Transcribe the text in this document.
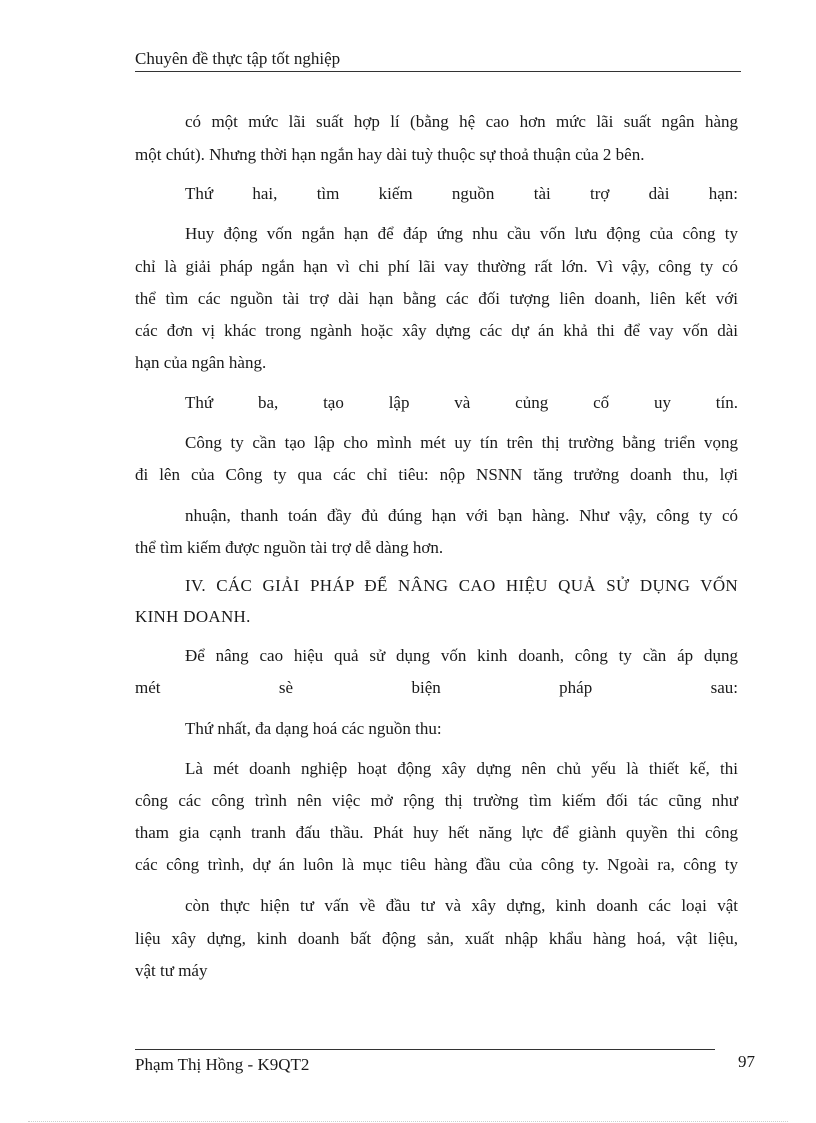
Chuyên đề thực tập tốt nghiệp
có một mức lãi suất hợp lí (bằng hệ cao hơn mức lãi suất ngân hàng
một chút). Nhưng thời hạn ngắn hay dài tuỳ thuộc sự thoả thuận của 2 bên.
Thứ hai, tìm kiếm nguồn tài trợ dài hạn:
Huy động vốn ngắn hạn để đáp ứng nhu cầu vốn lưu động của công ty
chỉ là giải pháp ngắn hạn vì chi phí lãi vay thường rất lớn. Vì vậy, công ty có
thể tìm các nguồn tài trợ dài hạn bằng các đối tượng liên doanh, liên kết với
các đơn vị khác trong ngành hoặc xây dựng các dự án khả thi để vay vốn dài
hạn của ngân hàng.
Thứ ba, tạo lập và củng cố uy tín.
Công ty cần tạo lập cho mình mét uy tín trên thị trường bằng triển vọng
đi lên của Công ty qua các chỉ tiêu: nộp NSNN tăng trưởng doanh thu, lợi
nhuận, thanh toán đầy đủ đúng hạn với bạn hàng. Như vậy, công ty có
thể tìm kiếm được nguồn tài trợ dễ dàng hơn.
IV. CÁC GIẢI PHÁP ĐỂ NÂNG CAO HIỆU QUẢ SỬ DỤNG VỐN
KINH DOANH.
Để nâng cao hiệu quả sử dụng vốn kinh doanh, công ty cần áp dụng
mét sè biện pháp sau:
Thứ nhất, đa dạng hoá các nguồn thu:
Là mét doanh nghiệp hoạt động xây dựng nên chủ yếu là thiết kế, thi
công các công trình nên việc mở rộng thị trường tìm kiếm đối tác cũng như
tham gia cạnh tranh đấu thầu. Phát huy hết năng lực để giành quyền thi công
các công trình, dự án luôn là mục tiêu hàng đầu của công ty. Ngoài ra, công ty
còn thực hiện tư vấn về đầu tư và xây dựng, kinh doanh các loại vật
liệu xây dựng, kinh doanh bất động sản, xuất nhập khẩu hàng hoá, vật liệu,
vật tư máy
Phạm Thị Hồng - K9QT2	97
